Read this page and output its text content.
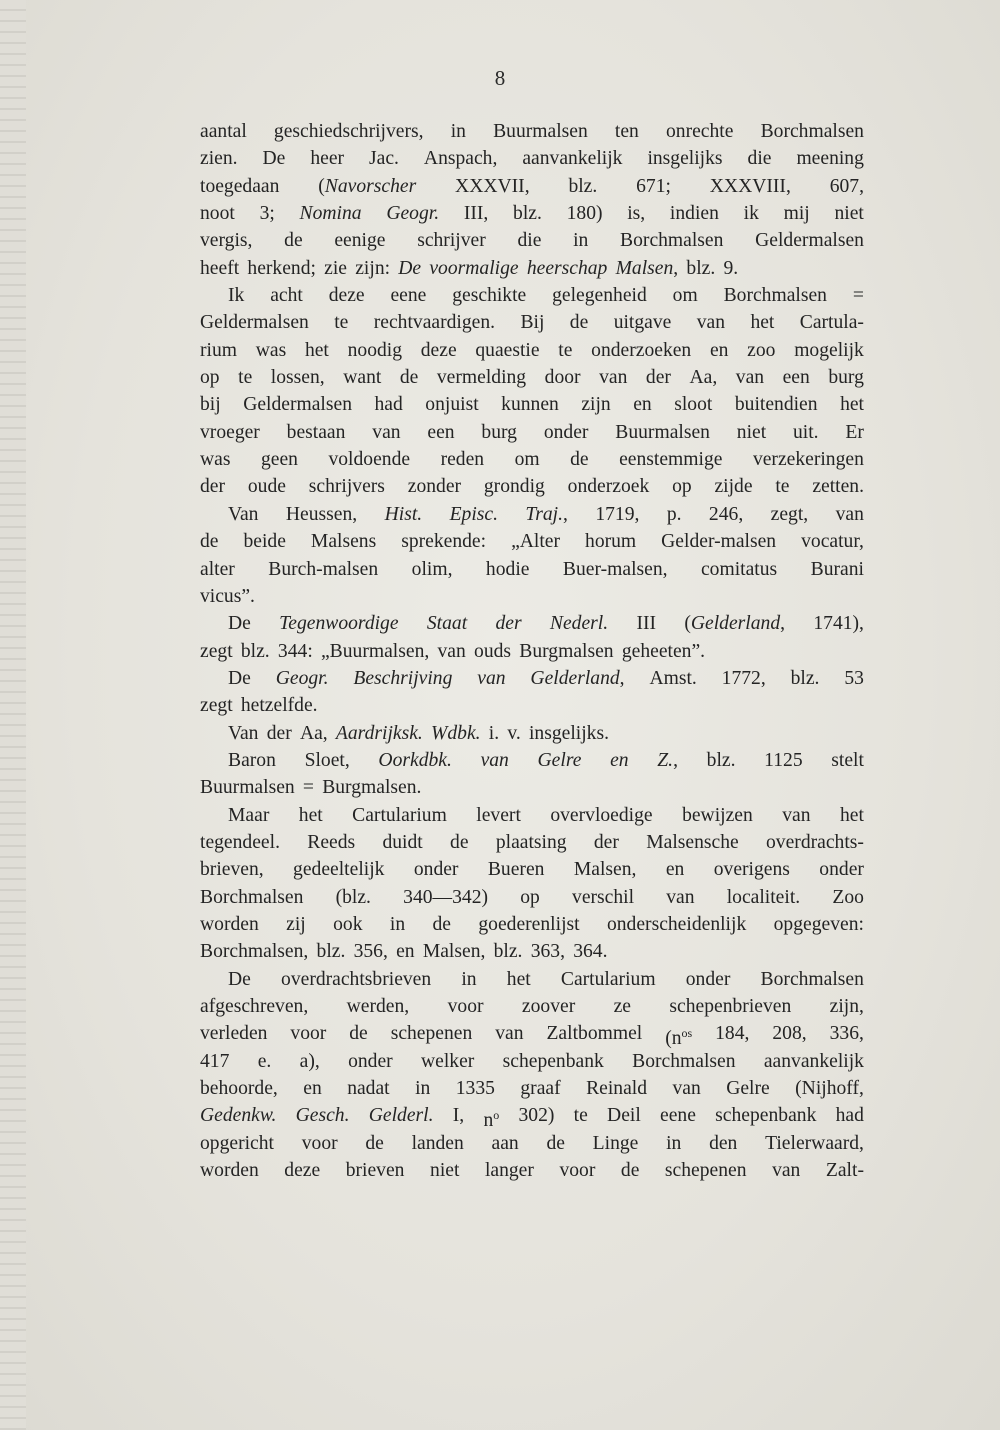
8
aantal geschiedschrijvers, in Buurmalsen ten onrechte Borchmalsen
zien. De heer Jac. Anspach, aanvankelijk insgelijks die meening
toegedaan (Navorscher XXXVII, blz. 671; XXXVIII, 607,
noot 3; Nomina Geogr. III, blz. 180) is, indien ik mij niet
vergis, de eenige schrijver die in Borchmalsen Geldermalsen
heeft herkend; zie zijn: De voormalige heerschap Malsen, blz. 9.
Ik acht deze eene geschikte gelegenheid om Borchmalsen =
Geldermalsen te rechtvaardigen. Bij de uitgave van het Cartula-
rium was het noodig deze quaestie te onderzoeken en zoo mogelijk
op te lossen, want de vermelding door van der Aa, van een burg
bij Geldermalsen had onjuist kunnen zijn en sloot buitendien het
vroeger bestaan van een burg onder Buurmalsen niet uit. Er
was geen voldoende reden om de eenstemmige verzekeringen
der oude schrijvers zonder grondig onderzoek op zijde te zetten.
Van Heussen, Hist. Episc. Traj., 1719, p. 246, zegt, van
de beide Malsens sprekende: „Alter horum Gelder-malsen vocatur,
alter Burch-malsen olim, hodie Buer-malsen, comitatus Burani
vicus”.
De Tegenwoordige Staat der Nederl. III (Gelderland, 1741),
zegt blz. 344: „Buurmalsen, van ouds Burgmalsen geheeten”.
De Geogr. Beschrijving van Gelderland, Amst. 1772, blz. 53
zegt hetzelfde.
Van der Aa, Aardrijksk. Wdbk. i. v. insgelijks.
Baron Sloet, Oorkdbk. van Gelre en Z., blz. 1125 stelt
Buurmalsen = Burgmalsen.
Maar het Cartularium levert overvloedige bewijzen van het
tegendeel. Reeds duidt de plaatsing der Malsensche overdrachts-
brieven, gedeeltelijk onder Bueren Malsen, en overigens onder
Borchmalsen (blz. 340—342) op verschil van localiteit. Zoo
worden zij ook in de goederenlijst onderscheidenlijk opgegeven:
Borchmalsen, blz. 356, en Malsen, blz. 363, 364.
De overdrachtsbrieven in het Cartularium onder Borchmalsen
afgeschreven, werden, voor zoover ze schepenbrieven zijn,
verleden voor de schepenen van Zaltbommel ($n^{os}$ 184, 208, 336,
417 e. a), onder welker schepenbank Borchmalsen aanvankelijk
behoorde, en nadat in 1335 graaf Reinald van Gelre (Nijhoff,
Gedenkw. Gesch. Gelderl. I, $n^o$ 302) te Deil eene schepenbank had
opgericht voor de landen aan de Linge in den Tielerwaard,
worden deze brieven niet langer voor de schepenen van Zalt-
